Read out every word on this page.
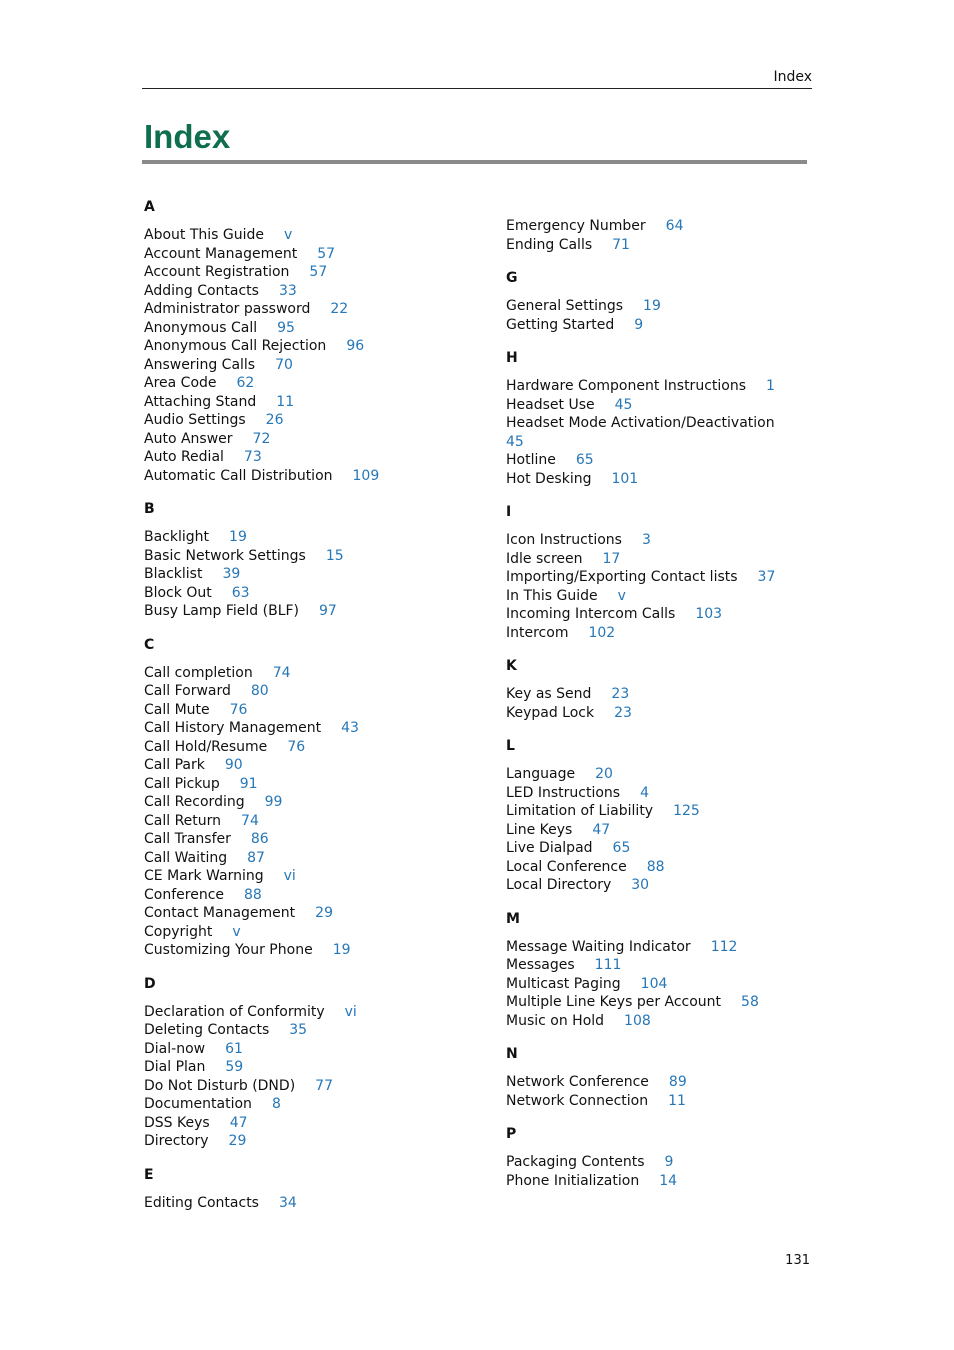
Index
Index
A
About This Guide v
Account Management 57
Account Registration 57
Adding Contacts 33
Administrator password 22
Anonymous Call 95
Anonymous Call Rejection 96
Answering Calls 70
Area Code 62
Attaching Stand 11
Audio Settings 26
Auto Answer 72
Auto Redial 73
Automatic Call Distribution 109
B
Backlight 19
Basic Network Settings 15
Blacklist 39
Block Out 63
Busy Lamp Field (BLF) 97
C
Call completion 74
Call Forward 80
Call Mute 76
Call History Management 43
Call Hold/Resume 76
Call Park 90
Call Pickup 91
Call Recording 99
Call Return 74
Call Transfer 86
Call Waiting 87
CE Mark Warning vi
Conference 88
Contact Management 29
Copyright v
Customizing Your Phone 19
D
Declaration of Conformity vi
Deleting Contacts 35
Dial-now 61
Dial Plan 59
Do Not Disturb (DND) 77
Documentation 8
DSS Keys 47
Directory 29
E
Editing Contacts 34
Emergency Number 64
Ending Calls 71
G
General Settings 19
Getting Started 9
H
Hardware Component Instructions 1
Headset Use 45
Headset Mode Activation/Deactivation
45
Hotline 65
Hot Desking 101
I
Icon Instructions 3
Idle screen 17
Importing/Exporting Contact lists 37
In This Guide v
Incoming Intercom Calls 103
Intercom 102
K
Key as Send 23
Keypad Lock 23
L
Language 20
LED Instructions 4
Limitation of Liability 125
Line Keys 47
Live Dialpad 65
Local Conference 88
Local Directory 30
M
Message Waiting Indicator 112
Messages 111
Multicast Paging 104
Multiple Line Keys per Account 58
Music on Hold 108
N
Network Conference 89
Network Connection 11
P
Packaging Contents 9
Phone Initialization 14
131
